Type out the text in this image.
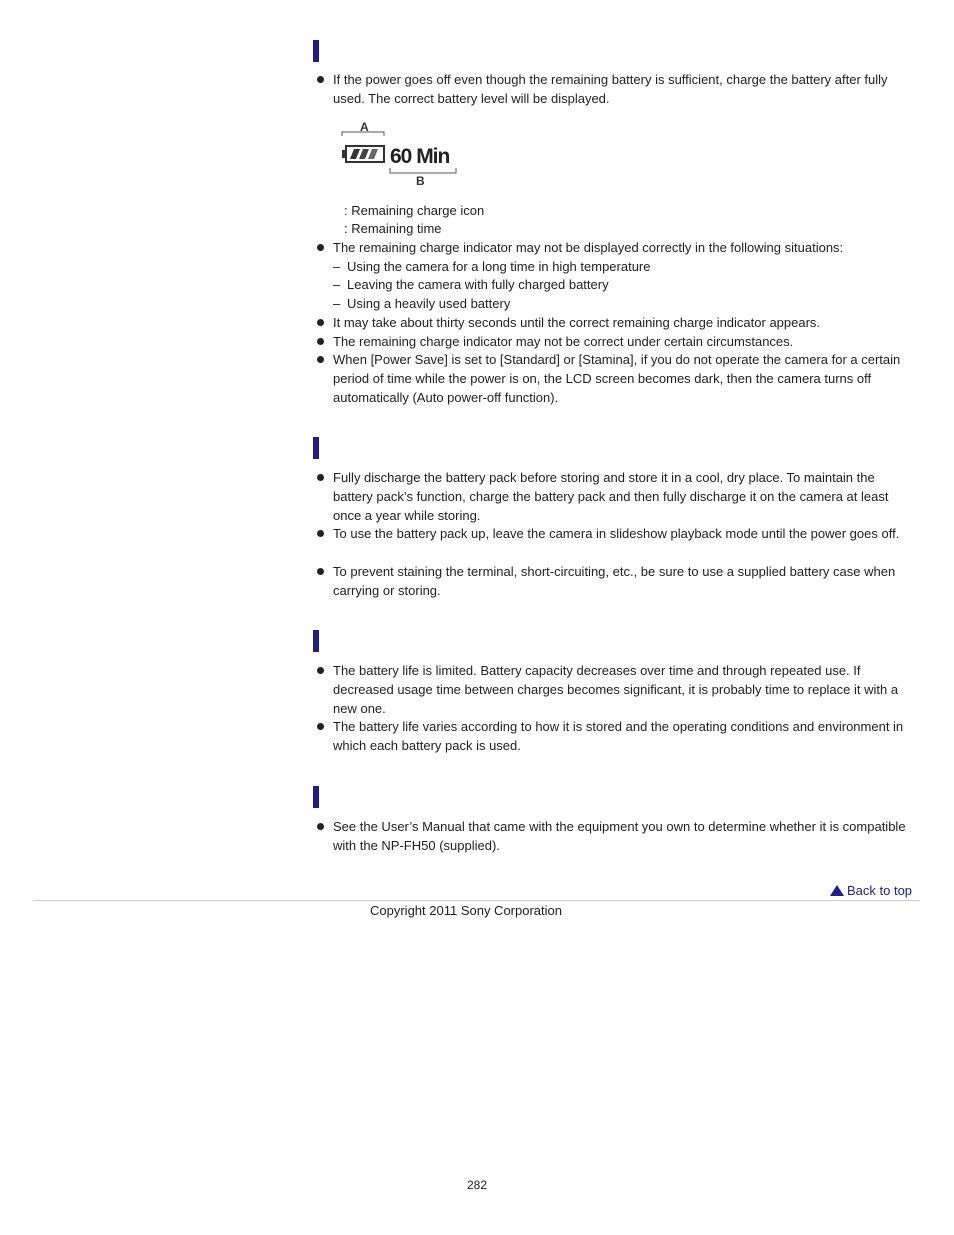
If the power goes off even though the remaining battery is sufficient, charge the battery after fully used. The correct battery level will be displayed.
A
60 Min
B
: Remaining charge icon
: Remaining time
The remaining charge indicator may not be displayed correctly in the following situations:
– Using the camera for a long time in high temperature
– Leaving the camera with fully charged battery
– Using a heavily used battery
It may take about thirty seconds until the correct remaining charge indicator appears.
The remaining charge indicator may not be correct under certain circumstances.
When [Power Save] is set to [Standard] or [Stamina], if you do not operate the camera for a certain period of time while the power is on, the LCD screen becomes dark, then the camera turns off automatically (Auto power-off function).
Fully discharge the battery pack before storing and store it in a cool, dry place. To maintain the battery pack’s function, charge the battery pack and then fully discharge it on the camera at least once a year while storing.
To use the battery pack up, leave the camera in slideshow playback mode until the power goes off.
To prevent staining the terminal, short-circuiting, etc., be sure to use a supplied battery case when carrying or storing.
The battery life is limited. Battery capacity decreases over time and through repeated use. If decreased usage time between charges becomes significant, it is probably time to replace it with a new one.
The battery life varies according to how it is stored and the operating conditions and environment in which each battery pack is used.
See the User’s Manual that came with the equipment you own to determine whether it is compatible with the NP-FH50 (supplied).
Back to top
Copyright 2011 Sony Corporation
282
